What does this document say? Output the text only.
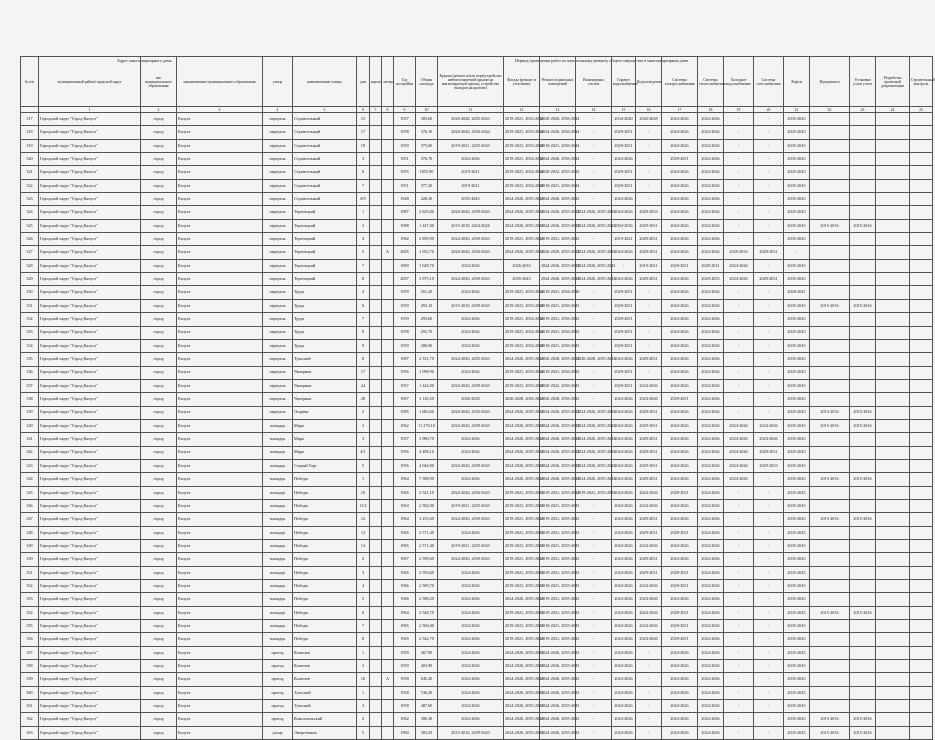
Адрес многоквартирного дома	Период проведения работ по капитальному ремонту общего имущества в многоквартирном доме
№ п/п	муниципальный район/городской округ	тип муниципального образования	наименование муниципального образования	улица	наименование улицы	дом	корпус	литера	Год постройки	Общая площадь	Крыши (ремонт и/или переустройство невентилируемой крыши на вентилируемую крышу, устройство выходов на кровлю)	Фасада (ремонт и утепление)	Ремонт подвальных помещений	Инженерных систем	Горячее водоснабжение	Водоотведение	Системы электроснабжения	Системы теплоснабжения	Холодное водоснабжение	Система газоснабжения	Лифты	Фундамента	Установка узлов учета	Разработка проектной документации	Строительный контроль
	1	2	3	4	5	6	7	8	9	10	11	12	13	14	15	16	17	18	19	20	21	22	23	24	25
317	Городской округ "Город Калуга"	город	Калуга	переулок	Строительный	15			1957	383,60	2026-2028, 2035-2043	2019-2021, 2033-2040	2020-2020, 2036-2044	-	2034-2040	2026-2028	2024-2026	2024-2026	-	-	2035-2043				
318	Городской округ "Город Калуга"	город	Калуга	переулок	Строительный	17			1958	376,10	2024-2026, 2036-2044	2019-2021, 2033-2040	2024-2026, 2036-2044	-	2029-2031	-	2024-2026	2024-2026	-	-	2035-2043				
319	Городской округ "Город Калуга"	город	Калуга	переулок	Строительный	19			1959	375,60	2019-2021, 2035-2043	2019-2021, 2033-2040	2019-2021, 2036-2044	-	2029-2031	-	2024-2026	2024-2026	-	-	2035-2043				
320	Городской округ "Город Калуга"	город	Калуга	переулок	Строительный	3			1951	376,70	2024-2026	2019-2021, 2034-2040	2024-2026, 2036-2044	-	2024-2026	-	2029-2031	2024-2026	-	-	2035-2043				
321	Городской округ "Город Калуга"	город	Калуга	переулок	Строительный	6			1955	1055,90	2019-2021	2019-2021, 2034-2040	2020-2022, 2035-2043	-	2029-2031	-	2024-2026	2024-2026	-	-	2035-2043				
322	Городской округ "Город Калуга"	город	Калуга	переулок	Строительный	7			1951	377,20	2019-2021	2019-2021, 2034-2040	2019-2021, 2036-2044	-	2029-2031	-	2024-2026	2024-2026	-	-	2035-2043				
323	Городской округ "Город Калуга"	город	Калуга	переулок	Строительный	8/9			1948	428,30	2035-2043	2024-2026, 2035-2043	2024-2026, 2035-2043	-	2024-2026	-	2024-2026	2024-2026	-	-	2035-2043				
324	Городской округ "Город Калуга"	город	Калуга	переулок	Терепецкий	1			1987	2 820,00	2024-2026, 2039-2043	2024-2026, 2035-2043	2024-2026, 2035-2043	2024-2026, 2035-2043	2024-2026	2029-2033	2024-2026	2024-2026	-	-	2035-2043				
325	Городской округ "Город Калуга"	город	Калуга	переулок	Терепецкий	2			1988	1 447,00	2015-2018, 2024-2026	2024-2026, 2035-2043	2024-2026, 2035-2043	2024-2026, 2035-2043	2034-2036	2029-2031	2024-2026	2024-2026	-	-	2035-2043	2015-2016	2015-2016		
326	Городской округ "Город Калуга"	город	Калуга	переулок	Терепецкий	4			1982	2 859,90	2024-2026, 2039-2043	2019-2021, 2035-2043	2019-2021, 2035-2043	-	2019-2021	2029-2031	2024-2026	2024-2026	-	-	2035-2043				
327	Городской округ "Город Калуга"	город	Калуга	переулок	Терепецкий	5		А	2005	1 952,70	2024-2026, 2036-2043	2024-2026, 2035-2043	2026-2028, 2035-2043	2024-2026, 2035-2043	2024-2026	2029-2031	2024-2026	2024-2026	2029-2033	2029-2031	-				
328	Городской округ "Город Калуга"	город	Калуга	переулок	Терепецкий	7			1969	1 028,70	2024-2026	2026-2033	2024-2026, 2035-2043	2024-2026, 2035-2043	-	2019-2021	2029-2031	2029-2031	2024-2026	-	2035-2043				
329	Городской округ "Город Калуга"	город	Калуга	переулок	Терепецкий	8			2007	3 975,10	2024-2026, 2039-2043	2035-2043	2024-2026, 2035-2043	2024-2026, 2035-2043	2024-2026	2029-2031	2024-2026	2029-2033	2024-2026	2029-2031	2035-2043				
330	Городской округ "Город Калуга"	город	Калуга	переулок	Труда	4			1959	561,20	2024-2026	2019-2021, 2033-2040	2019-2021, 2034-2040	-	2029-2031	-	2024-2026	2024-2026	-	-	2030-2041				
331	Городской округ "Город Калуга"	город	Калуга	переулок	Труда	6			1959	293,10	2015-2016, 2039-2043	2019-2021, 2033-2040	2019-2021, 2036-2043	-	2029-2031	-	2024-2026	2024-2026	-	-	2035-2043	2015-2016	2015-2016		
332	Городской округ "Город Калуга"	город	Калуга	переулок	Труда	7			1959	293,60	2024-2026	2019-2021, 2034-2040	2019-2021, 2036-2043	-	2029-2031	-	2024-2026	2024-2026	-	-	2035-2043				
333	Городской округ "Город Калуга"	город	Калуга	переулок	Труда	8			1958	293,70	2024-2026	2019-2021, 2034-2040	2019-2021, 2036-2043	-	2029-2031	-	2024-2026	2024-2026	-	-	2035-2043				
334	Городской округ "Город Калуга"	город	Калуга	переулок	Труда	9			1959	286,00	2024-2026	2019-2021, 2034-2040	2019-2021, 2036-2043	-	2029-2031	-	2024-2026	2024-2026	-	-	2035-2043				
335	Городской округ "Город Калуга"	город	Калуга	переулок	Тульский	8			1987	2 331,70	2024-2026, 2035-2043	2024-2026, 2035-2043	2026-2028, 2035-2043	2026-2028, 2035-2043	2024-2026	2029-2031	2024-2026	2024-2026	-	-	2035-2043				
336	Городской округ "Город Калуга"	город	Калуга	переулок	Чичерина	17			1956	1 098,90	2024-2026	2019-2021, 2033-2040	2019-2021, 2036-2043	-	2029-2031	-	2024-2026	2024-2026	-	-	2035-2043				
337	Городской округ "Город Калуга"	город	Калуга	переулок	Чичерина	24			1957	1 442,00	2024-2026, 2039-2043	2019-2021, 2033-2040	2020-2022, 2036-2043	-	2029-2031	2024-2026	2024-2026	2024-2026	-	-	2035-2043				
338	Городской округ "Город Калуга"	город	Калуга	переулок	Чичерина	28			1967	3 120,50	2026-2028	2026-2028, 2036-2043	2026-2028, 2036-2043	-	2024-2026	2024-2026	2029-2031	2024-2026	-	-	2035-2043				
339	Городской округ "Город Калуга"	город	Калуга	переулок	Огарёва	2			1985	1 683,60	2024-2026, 2035-2043	2024-2026, 2035-2043	2024-2026, 2035-2043	2024-2026, 2035-2043	2024-2026	2029-2031	2024-2026	2024-2026	-	-	2035-2043	2015-2016	2015-2016		
340	Городской округ "Город Калуга"	город	Калуга	площадь	Мира	2			1962	11 270,10	2024-2026, 2039-2043	2024-2026, 2035-2043	2024-2026, 2035-2043	2024-2026, 2035-2043	2024-2026	2029-2031	2024-2026	2024-2026	2024-2026	2024-2026	2035-2043	2015-2016	2015-2016		
341	Городской округ "Город Калуга"	город	Калуга	площадь	Мира	3			1957	3 980,70	2024-2026	2024-2026, 2035-2043	2024-2026, 2035-2043	2024-2026, 2035-2043	2024-2026	2029-2031	2024-2026	2024-2026	2024-2026	2024-2026	2035-2043				
342	Городской округ "Город Калуга"	город	Калуга	площадь	Мира	4/1			1956	4 496,10	2024-2026	2024-2026, 2035-2043	2024-2026, 2035-2043	2024-2026, 2035-2043	2024-2026	2029-2031	2024-2026	2024-2026	2024-2026	2029-2031	2035-2043				
343	Городской округ "Город Калуга"	город	Калуга	площадь	Старый Торг	5			1956	4 044,00	2024-2026, 2039-2043	2024-2026, 2035-2043	2024-2026, 2035-2043	2024-2026, 2035-2043	2024-2026	2029-2031	2024-2026	2024-2026	2024-2026	2029-2033	2035-2043				
344	Городской округ "Город Калуга"	город	Калуга	площадь	Победы	1			1964	7 588,90	2024-2026	2024-2026, 2035-2043	2024-2026, 2035-2043	2024-2026, 2035-2043	2024-2026	2029-2031	2024-2026	2024-2026	2024-2026	-	2035-2043	2015-2016	2015-2016		
345	Городской округ "Город Калуга"	город	Калуга	площадь	Победы	10			1965	2 541,10	2024-2026, 2036-2043	2019-2021, 2035-2043	2019-2021, 2035-2043	2019-2021, 2035-2043	2024-2026	2024-2026	2029-2031	2024-2026	-	-	2035-2043				
346	Городской округ "Город Калуга"	город	Калуга	площадь	Победы	11/2			1964	2 582,90	2019-2021, 2035-2043	2019-2021, 2035-2043	2019-2021, 2035-2043	-	2024-2026	2024-2026	2024-2026	2024-2026	-	-	2035-2043				
347	Городской округ "Город Калуга"	город	Калуга	площадь	Победы	12			1964	3 235,60	2024-2026, 2039-2043	2019-2021, 2035-2043	2019-2021, 2035-2043	-	2024-2026	2029-2031	2024-2026	2024-2026	-	-	2035-2043	2015-2016	2015-2016		
348	Городской округ "Город Калуга"	город	Калуга	площадь	Победы	13			1965	2 571,40	2024-2026	2019-2021, 2035-2043	2019-2021, 2035-2043	-	2024-2026	2029-2031	2029-2031	2024-2026	-	-	2035-2043				
349	Городской округ "Город Калуга"	город	Калуга	площадь	Победы	14			1965	2 571,40	2019-2021, 2035-2043	2019-2021, 2035-2043	2019-2021, 2035-2043	-	2024-2026	2024-2026	2024-2026	2024-2026	-	-	2035-2043				
350	Городской округ "Город Калуга"	город	Калуга	площадь	Победы	2			1967	2 599,60	2024-2026, 2039-2043	2019-2021, 2035-2043	2019-2021, 2035-2043	-	2024-2026	2029-2031	2024-2026	2024-2026	-	-	2035-2043				
351	Городской округ "Город Калуга"	город	Калуга	площадь	Победы	3			1965	2 593,60	2024-2026	2019-2021, 2035-2043	2019-2021, 2035-2043	-	2024-2026	2029-2031	2029-2031	2024-2026	-	-	2035-2043				
352	Городской округ "Город Калуга"	город	Калуга	площадь	Победы	4			1966	2 589,70	2024-2026	2019-2021, 2035-2043	2019-2021, 2035-2043	-	2024-2026	2024-2026	2029-2031	2024-2026	-	-	2035-2043				
353	Городской округ "Город Калуга"	город	Калуга	площадь	Победы	5			1966	2 588,20	2024-2026	2024-2026, 2035-2043	2019-2021, 2035-2043	-	2024-2026	2024-2026	2024-2026	2024-2026	-	-	2035-2043				
354	Городской округ "Город Калуга"	город	Калуга	площадь	Победы	6			1964	2 546,70	2024-2026	2019-2021, 2035-2043	2019-2021, 2035-2043	-	2024-2026	2024-2026	2029-2031	2024-2026	-	-	2035-2043	2015-2016	2015-2016		
355	Городской округ "Город Калуга"	город	Калуга	площадь	Победы	7			1965	2 560,40	2024-2026	2019-2021, 2035-2043	2019-2021, 2035-2043	-	2024-2026	2024-2026	2029-2031	2024-2026	-	-	2035-2043				
356	Городской округ "Город Калуга"	город	Калуга	площадь	Победы	8			1965	2 542,70	2024-2026	2019-2021, 2035-2043	2019-2021, 2035-2043	-	2024-2026	2024-2026	2029-2031	2024-2026	-	-	2035-2043				
357	Городской округ "Город Калуга"	город	Калуга	проезд	Кошелев	1			1959	467,90	2024-2026	2024-2026, 2035-2043	2024-2026, 2035-2043	-	2024-2026	-	2024-2026	2024-2026	-	-	2035-2043				
358	Городской округ "Город Калуга"	город	Калуга	проезд	Кошелев	2			1959	403,90	2024-2026	2024-2026, 2035-2043	2024-2026, 2035-2043	-	2024-2026	-	2024-2026	2024-2026	-	-	2035-2043				
359	Городской округ "Город Калуга"	город	Калуга	проезд	Кошелев	16		А	1958	645,20	2024-2026	2024-2026, 2035-2043	2024-2026, 2035-2043	-	2024-2026	-	2024-2026	2024-2026	-	-	2035-2043				
360	Городской округ "Город Калуга"	город	Калуга	проезд	Тульский	1			1958	746,30	2024-2026	2024-2026, 2035-2043	2024-2026, 2035-2043	-	2024-2026	-	2024-2026	2024-2026	-	-	2035-2043				
361	Городской округ "Город Калуга"	город	Калуга	проезд	Тульский	3			1958	487,60	2024-2026	2024-2026, 2035-2043	2024-2026, 2035-2043	-	2024-2026	-	2024-2026	2024-2026	-	-	2035-2043				
362	Городской округ "Город Калуга"	город	Калуга	проезд	Комсомольский	2			1962	306,30	2024-2026	2024-2026, 2035-2043	2024-2026, 2035-2043	-	2024-2026	-	2024-2026	2024-2026	-	-	2035-2043	2015-2016	2015-2016		
363	Городской округ "Город Калуга"	город	Калуга	улица	Энергетиков	5			1960	383,50	2015-2016, 2039-2043	2024-2026, 2035-2043	2024-2026, 2035-2043	-	2024-2026	-	2024-2026	2024-2026	-	-	2035-2043	2015-2016	2015-2016		
